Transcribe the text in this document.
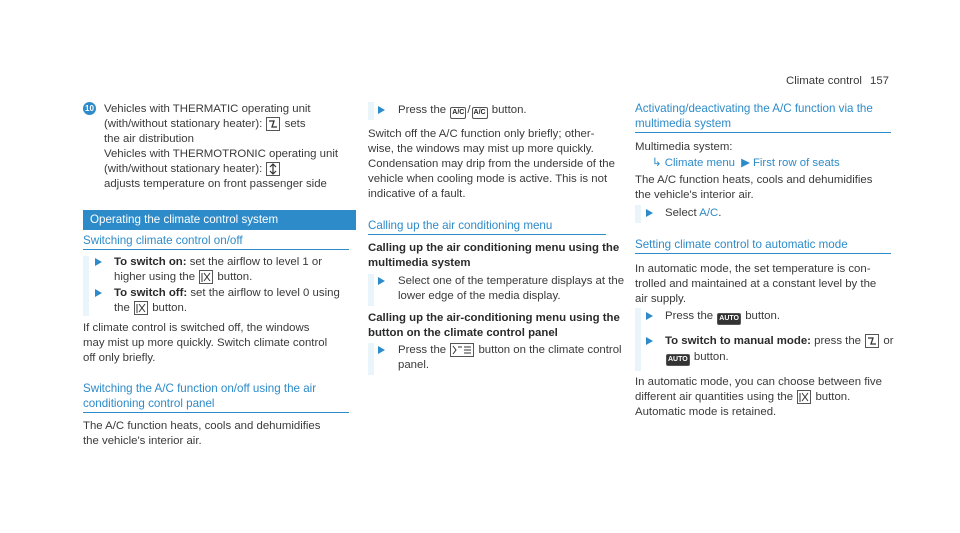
Climate control 157
10 Vehicles with THERMATIC operating unit
(with/without stationary heater): sets
the air distribution
Vehicles with THERMOTRONIC operating unit
(with/without stationary heater):
adjusts temperature on front passenger side
Operating the climate control system
Switching climate control on/off
To switch on: set the airflow to level 1 or
higher using the button.
To switch off: set the airflow to level 0 using
the button.
If climate control is switched off, the windows
may mist up more quickly. Switch climate control
off only briefly.
Switching the A/C function on/off using the air
conditioning control panel
The A/C function heats, cools and dehumidifies
the vehicle's interior air.
Press the A/C / A/C button.
Switch off the A/C function only briefly; other-
wise, the windows may mist up more quickly.
Condensation may drip from the underside of the
vehicle when cooling mode is active. This is not
indicative of a fault.
Calling up the air conditioning menu
Calling up the air conditioning menu using the
multimedia system
Select one of the temperature displays at the
lower edge of the media display.
Calling up the air-conditioning menu using the
button on the climate control panel
Press the	button on the climate control
panel.
Activating/deactivating the A/C function via the
multimedia system
Multimedia system:
↳ Climate menu ▶ First row of seats
The A/C function heats, cools and dehumidifies
the vehicle's interior air.
Select A/C.
Setting climate control to automatic mode
In automatic mode, the set temperature is con-
trolled and maintained at a constant level by the
air supply.
Press the AUTO button.
To switch to manual mode: press the or
AUTO button.
In automatic mode, you can choose between five
different air quantities using the button.
Automatic mode is retained.
